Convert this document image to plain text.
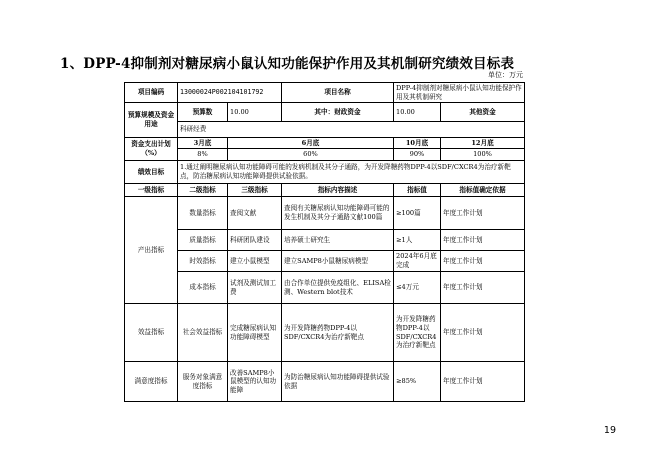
1、DPP-4抑制剂对糖尿病小鼠认知功能保护作用及其机制研究绩效目标表
单位：万元
项目编码	13000024P002104101792		项目名称	DPP-4抑制剂对糖尿病小鼠认知功能保护作用及其机制研究	
预算规模及资金用途	预算数	10.00	其中：财政资金	10.00	其他资金
	科研经费				
资金支出计划（%）	3月底	6月底		10月底	12月底
	8%	60%		90%	100%
绩效目标	1.通过阐明糖尿病认知功能障碍可能的发病机制及其分子通路，为开发降糖药物DPP-4以SDF/CXCR4为治疗新靶点，防治糖尿病认知功能障碍提供试验依据。				
一级指标	二级指标	三级指标	指标内容描述	指标值	指标值确定依据
产出指标	数量指标	查阅文献	查阅有关糖尿病认知功能障碍可能的发生机制及其分子通路文献100篇	≥100篇	年度工作计划
	质量指标	科研团队建设	培养硕士研究生	≥1人	年度工作计划
	时效指标	建立小鼠模型	建立SAMP8小鼠糖尿病模型	2024年6月底完成	年度工作计划
	成本指标	试剂及测试加工费	由合作单位提供免疫组化、ELISA检测、Western blot技术	≤4万元	年度工作计划
效益指标	社会效益指标	完成糖尿病认知功能障碍模型	为开发降糖药物DPP-4以SDF/CXCR4为治疗新靶点	为开发降糖药物DPP-4以SDF/CXCR4为治疗新靶点	年度工作计划
满意度指标	服务对象满意度指标	改善SAMP8小鼠模型的认知功能障	为防治糖尿病认知功能障碍提供试验依据	≥85%	年度工作计划
19
